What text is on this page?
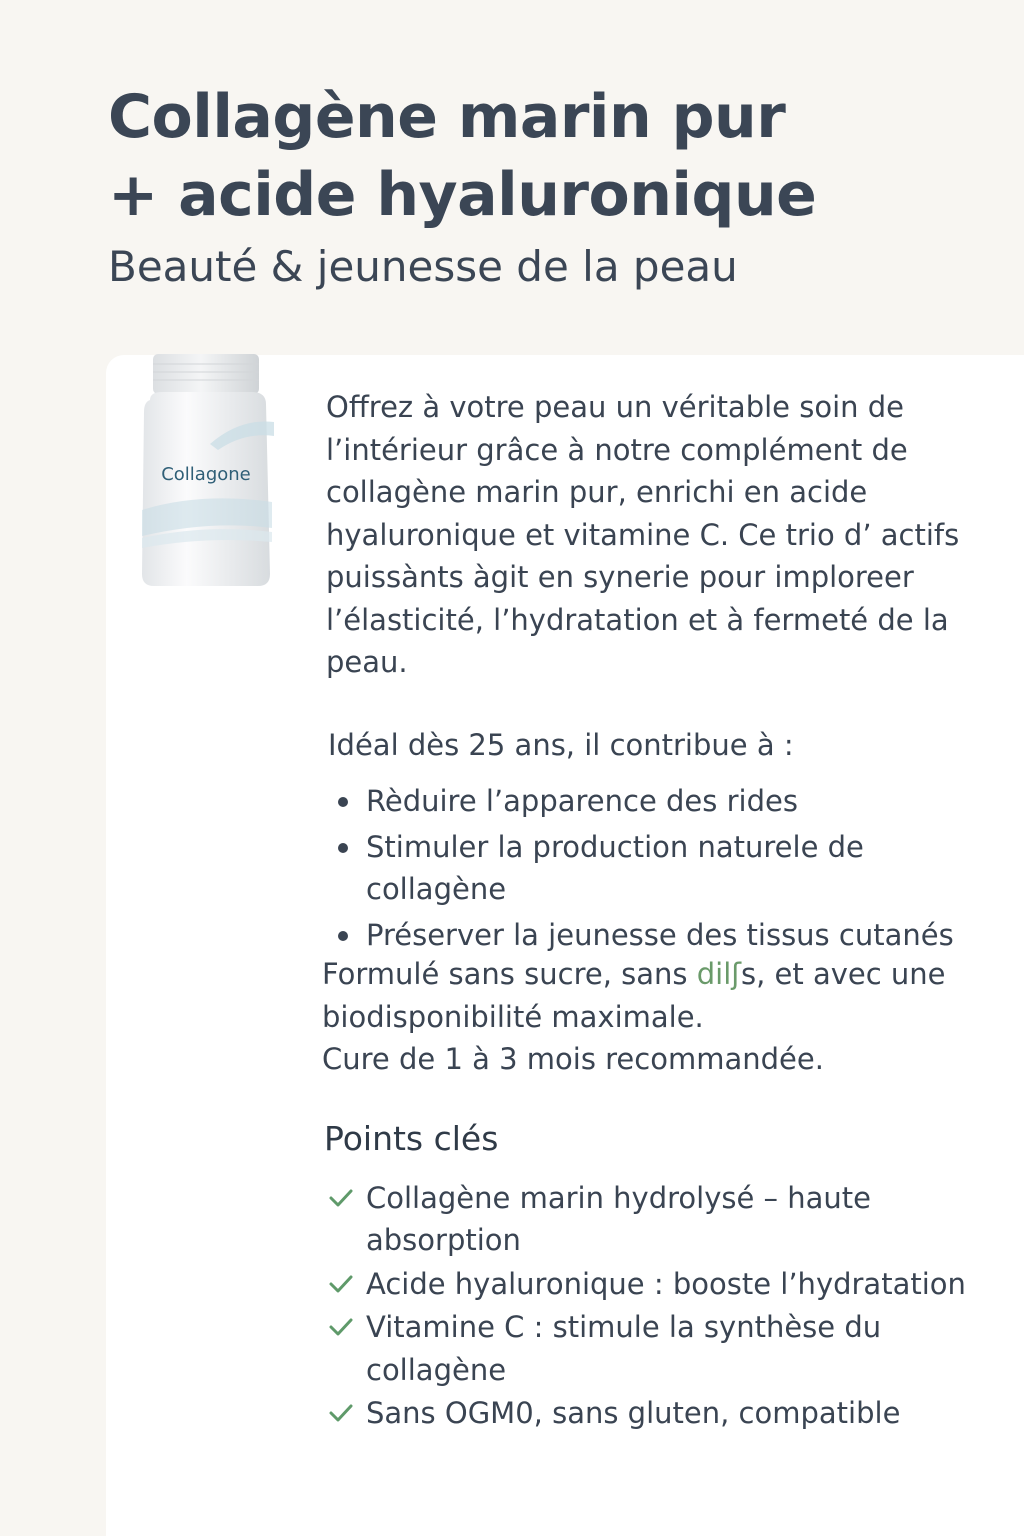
Collagène marin pur
+ acide hyaluronique
Beauté & jeunesse de la peau
Collagone

Offrez à votre peau un véritable soin de l’intérieur grâce à notre complément de collagène marin pur, enrichi en acide hyaluronique et vitamine C. Ce trio d’ actifs puissànts àgit en synerie pour imploreer l’élasticité, l’hydratation et à fermeté de la peau.

Idéal dès 25 ans, il contribue à :

Rèduire l’apparence des rides
Stimuler la production naturele de collagène
Préserver la jeunesse des tissus cutanés

Formulé sans sucre, sans dilʃs, et avec une biodisponibilité maximale.

Cure de 1 à 3 mois recommandée.

Points clés
Collagène marin hydrolysé – haute absorption
Acide hyaluronique : booste l’hydratation
Vitamine C : stimule la synthèse du collagène
Sans OGM0, sans gluten, compatible
